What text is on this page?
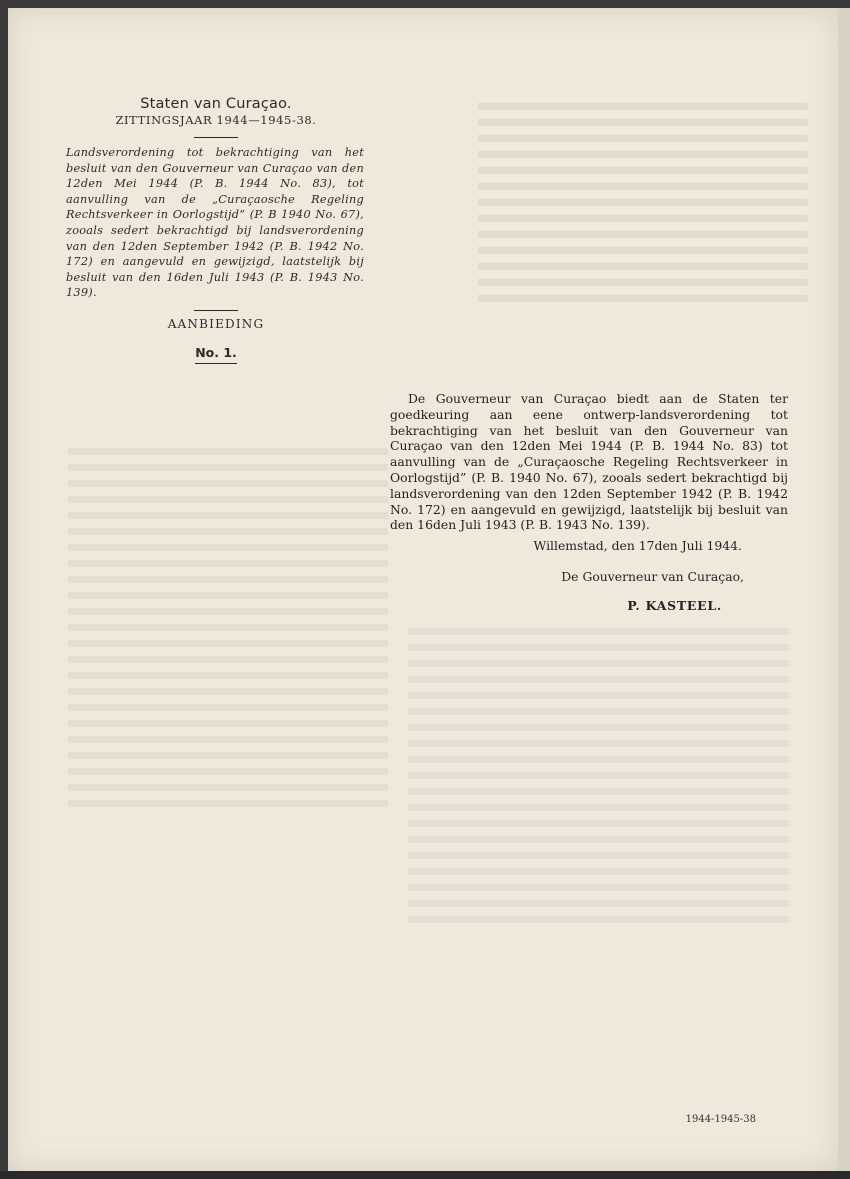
Staten van Curaçao.
ZITTINGSJAAR 1944—1945-38.
Landsverordening tot bekrachtiging van het besluit van den Gouverneur van Curaçao van den 12den Mei 1944 (P. B. 1944 No. 83), tot aanvulling van de „Curaçaosche Regeling Rechtsverkeer in Oorlogstijd” (P. B 1940 No. 67), zooals sedert bekrachtigd bij landsverordening van den 12den September 1942 (P. B. 1942 No. 172) en aangevuld en gewijzigd, laatstelijk bij besluit van den 16den Juli 1943 (P. B. 1943 No. 139).
AANBIEDING
No. 1.
De Gouverneur van Curaçao biedt aan de Staten ter goedkeuring aan eene ontwerp-landsverordening tot bekrachtiging van het besluit van den Gouverneur van Curaçao van den 12den Mei 1944 (P. B. 1944 No. 83) tot aanvulling van de „Curaçaosche Regeling Rechtsverkeer in Oorlogstijd” (P. B. 1940 No. 67), zooals sedert bekrachtigd bij landsverordening van den 12den September 1942 (P. B. 1942 No. 172) en aangevuld en gewijzigd, laatstelijk bij besluit van den 16den Juli 1943 (P. B. 1943 No. 139).
Willemstad, den 17den Juli 1944.
De Gouverneur van Curaçao,
P. KASTEEL.
1944-1945-38
